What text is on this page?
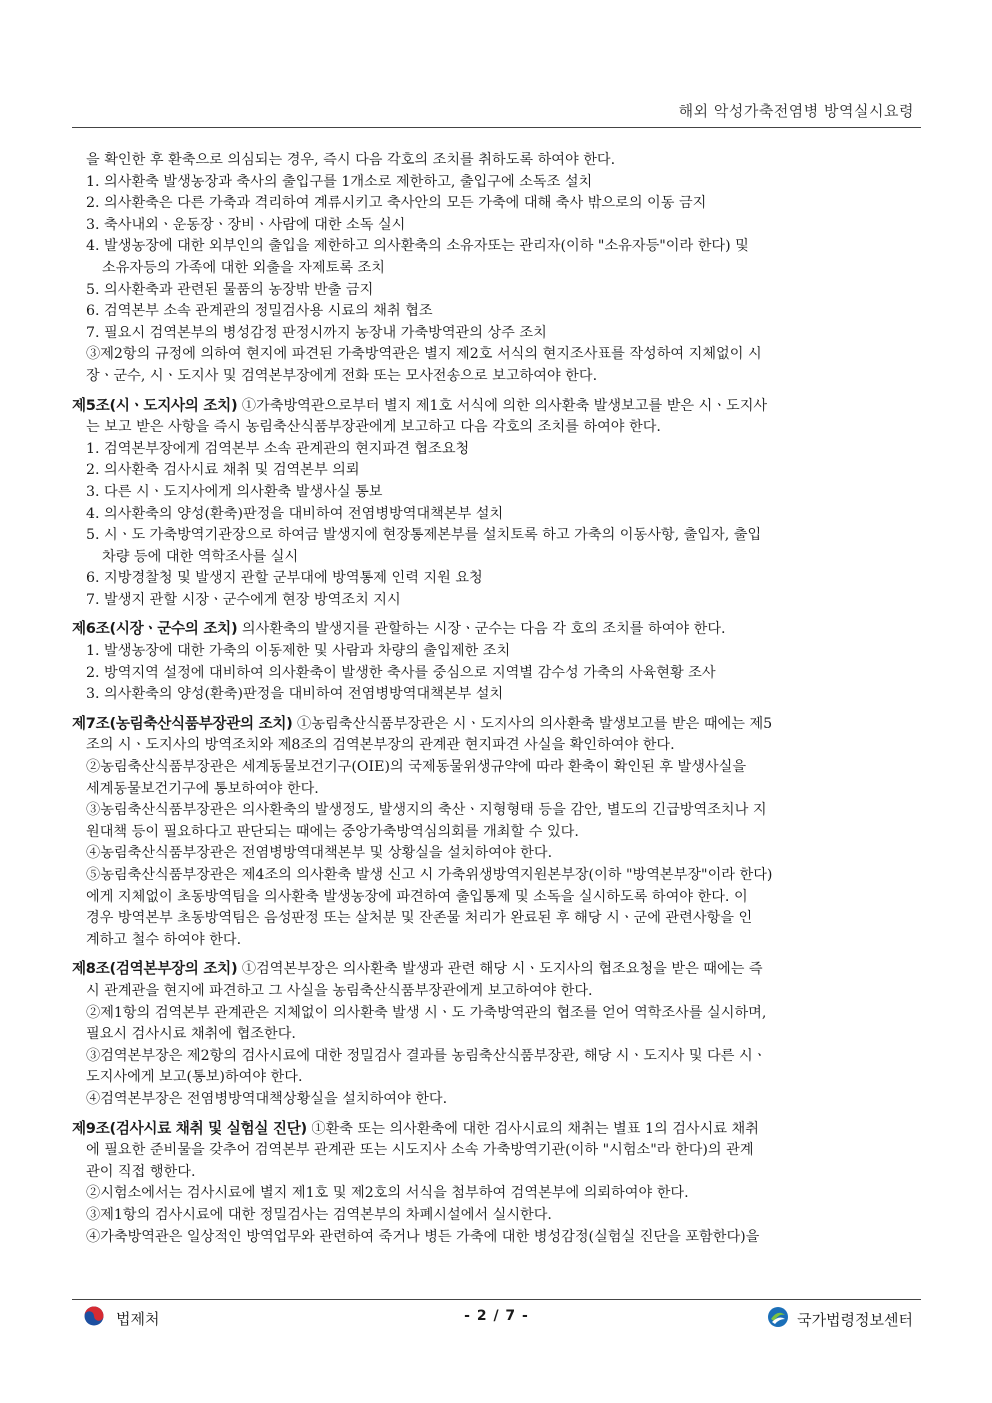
해외 악성가축전염병 방역실시요령
을 확인한 후 환축으로 의심되는 경우, 즉시 다음 각호의 조치를 취하도록 하여야 한다.
1. 의사환축 발생농장과 축사의 출입구를 1개소로 제한하고, 출입구에 소독조 설치
2. 의사환축은 다른 가축과 격리하여 계류시키고 축사안의 모든 가축에 대해 축사 밖으로의 이동 금지
3. 축사내외ㆍ운동장ㆍ장비ㆍ사람에 대한 소독 실시
4. 발생농장에 대한 외부인의 출입을 제한하고 의사환축의 소유자또는 관리자(이하 "소유자등"이라 한다) 및
소유자등의 가족에 대한 외출을 자제토록 조치
5. 의사환축과 관련된 물품의 농장밖 반출 금지
6. 검역본부 소속 관계관의 정밀검사용 시료의 채취 협조
7. 필요시 검역본부의 병성감정 판정시까지 농장내 가축방역관의 상주 조치
③제2항의 규정에 의하여 현지에 파견된 가축방역관은 별지 제2호 서식의 현지조사표를 작성하여 지체없이 시
장ㆍ군수, 시ㆍ도지사 및 검역본부장에게 전화 또는 모사전송으로 보고하여야 한다.
제5조(시ㆍ도지사의 조치) ①가축방역관으로부터 별지 제1호 서식에 의한 의사환축 발생보고를 받은 시ㆍ도지사
는 보고 받은 사항을 즉시 농림축산식품부장관에게 보고하고 다음 각호의 조치를 하여야 한다.
1. 검역본부장에게 검역본부 소속 관계관의 현지파견 협조요청
2. 의사환축 검사시료 채취 및 검역본부 의뢰
3. 다른 시ㆍ도지사에게 의사환축 발생사실 통보
4. 의사환축의 양성(환축)판정을 대비하여 전염병방역대책본부 설치
5. 시ㆍ도 가축방역기관장으로 하여금 발생지에 현장통제본부를 설치토록 하고 가축의 이동사항, 출입자, 출입
차량 등에 대한 역학조사를 실시
6. 지방경찰청 및 발생지 관할 군부대에 방역통제 인력 지원 요청
7. 발생지 관할 시장ㆍ군수에게 현장 방역조치 지시
제6조(시장ㆍ군수의 조치) 의사환축의 발생지를 관할하는 시장ㆍ군수는 다음 각 호의 조치를 하여야 한다.
1. 발생농장에 대한 가축의 이동제한 및 사람과 차량의 출입제한 조치
2. 방역지역 설정에 대비하여 의사환축이 발생한 축사를 중심으로 지역별 감수성 가축의 사육현황 조사
3. 의사환축의 양성(환축)판정을 대비하여 전염병방역대책본부 설치
제7조(농림축산식품부장관의 조치) ①농림축산식품부장관은 시ㆍ도지사의 의사환축 발생보고를 받은 때에는 제5
조의 시ㆍ도지사의 방역조치와 제8조의 검역본부장의 관계관 현지파견 사실을 확인하여야 한다.
②농림축산식품부장관은 세계동물보건기구(OIE)의 국제동물위생규약에 따라 환축이 확인된 후 발생사실을
세계동물보건기구에 통보하여야 한다.
③농림축산식품부장관은 의사환축의 발생정도, 발생지의 축산ㆍ지형형태 등을 감안, 별도의 긴급방역조치나 지
원대책 등이 필요하다고 판단되는 때에는 중앙가축방역심의회를 개최할 수 있다.
④농림축산식품부장관은 전염병방역대책본부 및 상황실을 설치하여야 한다.
⑤농림축산식품부장관은 제4조의 의사환축 발생 신고 시 가축위생방역지원본부장(이하 "방역본부장"이라 한다)
에게 지체없이 초동방역팀을 의사환축 발생농장에 파견하여 출입통제 및 소독을 실시하도록 하여야 한다. 이
경우 방역본부 초동방역팀은 음성판정 또는 살처분 및 잔존물 처리가 완료된 후 해당 시ㆍ군에 관련사항을 인
계하고 철수 하여야 한다.
제8조(검역본부장의 조치) ①검역본부장은 의사환축 발생과 관련 해당 시ㆍ도지사의 협조요청을 받은 때에는 즉
시 관계관을 현지에 파견하고 그 사실을 농림축산식품부장관에게 보고하여야 한다.
②제1항의 검역본부 관계관은 지체없이 의사환축 발생 시ㆍ도 가축방역관의 협조를 얻어 역학조사를 실시하며,
필요시 검사시료 채취에 협조한다.
③검역본부장은 제2항의 검사시료에 대한 정밀검사 결과를 농림축산식품부장관, 해당 시ㆍ도지사 및 다른 시ㆍ
도지사에게 보고(통보)하여야 한다.
④검역본부장은 전염병방역대책상황실을 설치하여야 한다.
제9조(검사시료 채취 및 실험실 진단) ①환축 또는 의사환축에 대한 검사시료의 채취는 별표 1의 검사시료 채취
에 필요한 준비물을 갖추어 검역본부 관계관 또는 시도지사 소속 가축방역기관(이하 "시험소"라 한다)의 관계
관이 직접 행한다.
②시험소에서는 검사시료에 별지 제1호 및 제2호의 서식을 첨부하여 검역본부에 의뢰하여야 한다.
③제1항의 검사시료에 대한 정밀검사는 검역본부의 차폐시설에서 실시한다.
④가축방역관은 일상적인 방역업무와 관련하여 죽거나 병든 가축에 대한 병성감정(실험실 진단을 포함한다)을
법제처	- 2 / 7 -	국가법령정보센터
